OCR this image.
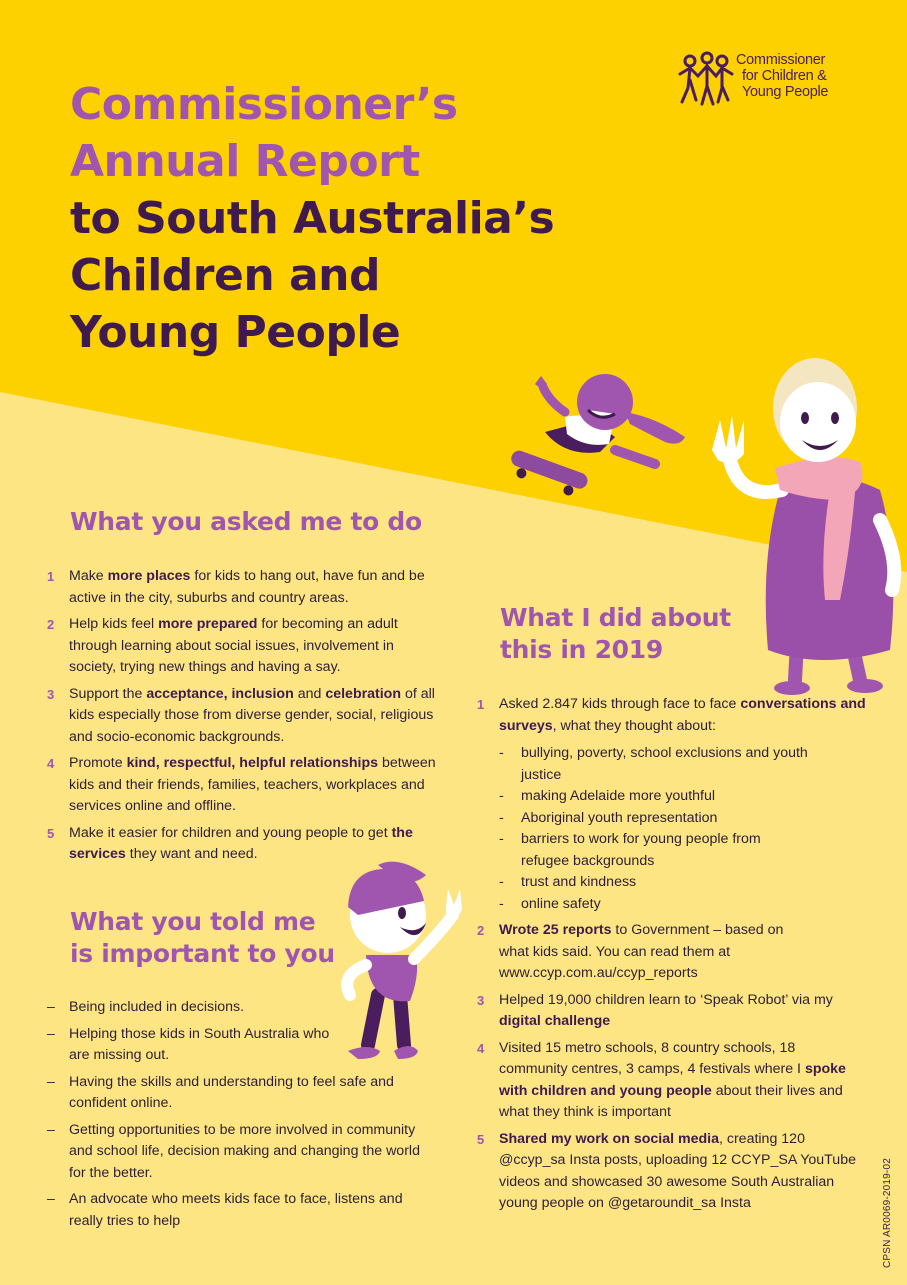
Commissioner
for Children &
Young People
Commissioner’s
Annual Report
to South Australia’s
Children and
Young People
What you asked me to do
1 Make more places for kids to hang out, have fun and be active in the city, suburbs and country areas.
2 Help kids feel more prepared for becoming an adult through learning about social issues, involvement in society, trying new things and having a say.
3 Support the acceptance, inclusion and celebration of all kids especially those from diverse gender, social, religious and socio-economic backgrounds.
4 Promote kind, respectful, helpful relationships between kids and their friends, families, teachers, workplaces and services online and offline.
5 Make it easier for children and young people to get the services they want and need.
What you told me
is important to you
– Being included in decisions.
– Helping those kids in South Australia who are missing out.
– Having the skills and understanding to feel safe and confident online.
– Getting opportunities to be more involved in community and school life, decision making and changing the world for the better.
– An advocate who meets kids face to face, listens and really tries to help
What I did about
this in 2019
1 Asked 2.847 kids through face to face conversations and surveys, what they thought about:
- bullying, poverty, school exclusions and youth justice
- making Adelaide more youthful
- Aboriginal youth representation
- barriers to work for young people from refugee backgrounds
- trust and kindness
- online safety
2 Wrote 25 reports to Government – based on what kids said. You can read them at www.ccyp.com.au/ccyp_reports
3 Helped 19,000 children learn to ‘Speak Robot’ via my digital challenge
4 Visited 15 metro schools, 8 country schools, 18 community centres, 3 camps, 4 festivals where I spoke with children and young people about their lives and what they think is important
5 Shared my work on social media, creating 120 @ccyp_sa Insta posts, uploading 12 CCYP_SA YouTube videos and showcased 30 awesome South Australian young people on @getaroundit_sa Insta	CPSN AR0069-2019-02
